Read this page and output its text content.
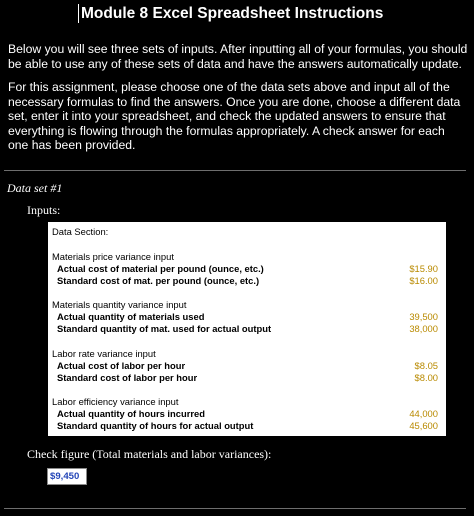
Module 8 Excel Spreadsheet Instructions

Below you will see three sets of inputs. After inputting all of your formulas, you should be able to use any of these sets of data and have the answers automatically update.

For this assignment, please choose one of the data sets above and input all of the necessary formulas to find the answers. Once you are done, choose a different data set, enter it into your spreadsheet, and check the updated answers to ensure that everything is flowing through the formulas appropriately. A check answer for each one has been provided.

Data set #1
Inputs:
Data Section:
Materials price variance input
Actual cost of material per pound (ounce, etc.)	$15.90
Standard cost of mat. per pound (ounce, etc.)	$16.00
Materials quantity variance input
Actual quantity of materials used	39,500
Standard quantity of mat. used for actual output	38,000
Labor rate variance input
Actual cost of labor per hour	$8.05
Standard cost of labor per hour	$8.00
Labor efficiency variance input
Actual quantity of hours incurred	44,000
Standard quantity of hours for actual output	45,600
Check figure (Total materials and labor variances):
$9,450
